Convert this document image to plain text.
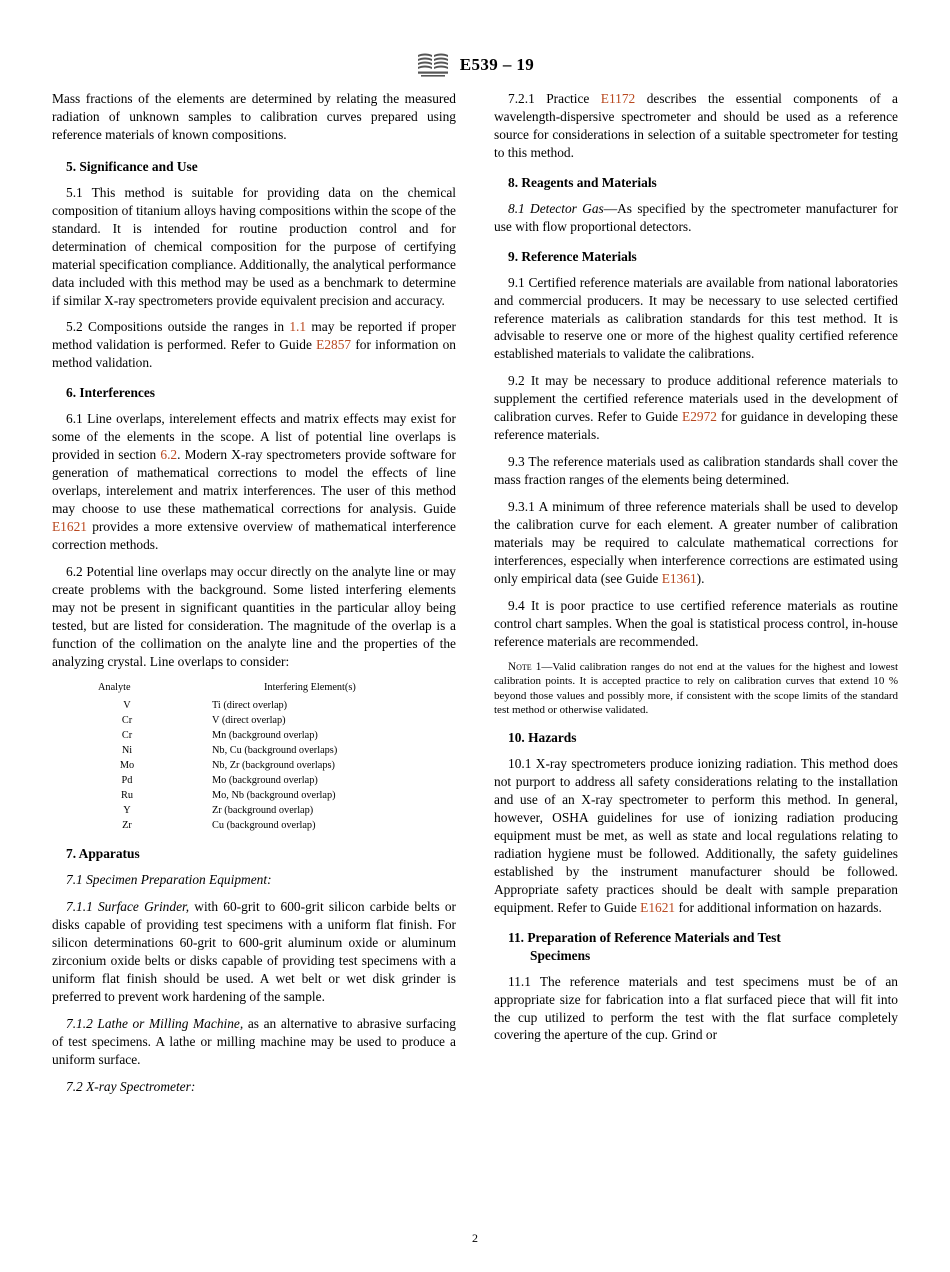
E539 – 19

Mass fractions of the elements are determined by relating the measured radiation of unknown samples to calibration curves prepared using reference materials of known compositions.

5. Significance and Use

5.1 This method is suitable for providing data on the chemical composition of titanium alloys having compositions within the scope of the standard. It is intended for routine production control and for determination of chemical composition for the purpose of certifying material specification compliance. Additionally, the analytical performance data included with this method may be used as a benchmark to determine if similar X-ray spectrometers provide equivalent precision and accuracy.

5.2 Compositions outside the ranges in 1.1 may be reported if proper method validation is performed. Refer to Guide E2857 for information on method validation.

6. Interferences

6.1 Line overlaps, interelement effects and matrix effects may exist for some of the elements in the scope. A list of potential line overlaps is provided in section 6.2. Modern X-ray spectrometers provide software for generation of mathematical corrections to model the effects of line overlaps, interelement and matrix interferences. The user of this method may choose to use these mathematical corrections for analysis. Guide E1621 provides a more extensive overview of mathematical interference correction methods.

6.2 Potential line overlaps may occur directly on the analyte line or may create problems with the background. Some listed interfering elements may not be present in significant quantities in the particular alloy being tested, but are listed for consideration. The magnitude of the overlap is a function of the collimation on the analyte line and the properties of the analyzing crystal. Line overlaps to consider:

Analyte	Interfering Element(s)
V	Ti (direct overlap)
Cr	V (direct overlap)
Cr	Mn (background overlap)
Ni	Nb, Cu (background overlaps)
Mo	Nb, Zr (background overlaps)
Pd	Mo (background overlap)
Ru	Mo, Nb (background overlap)
Y	Zr (background overlap)
Zr	Cu (background overlap)

7. Apparatus

7.1 Specimen Preparation Equipment:

7.1.1 Surface Grinder, with 60-grit to 600-grit silicon carbide belts or disks capable of providing test specimens with a uniform flat finish. For silicon determinations 60-grit to 600-grit aluminum oxide or aluminum zirconium oxide belts or disks capable of providing test specimens with a uniform flat finish should be used. A wet belt or wet disk grinder is preferred to prevent work hardening of the sample.

7.1.2 Lathe or Milling Machine, as an alternative to abrasive surfacing of test specimens. A lathe or milling machine may be used to produce a uniform surface.

7.2 X-ray Spectrometer:

7.2.1 Practice E1172 describes the essential components of a wavelength-dispersive spectrometer and should be used as a reference source for considerations in selection of a suitable spectrometer for testing to this method.

8. Reagents and Materials

8.1 Detector Gas—As specified by the spectrometer manufacturer for use with flow proportional detectors.

9. Reference Materials

9.1 Certified reference materials are available from national laboratories and commercial producers. It may be necessary to use selected certified reference materials as calibration standards for this test method. It is advisable to reserve one or more of the highest quality certified reference established materials to validate the calibrations.

9.2 It may be necessary to produce additional reference materials to supplement the certified reference materials used in the development of calibration curves. Refer to Guide E2972 for guidance in developing these reference materials.

9.3 The reference materials used as calibration standards shall cover the mass fraction ranges of the elements being determined.

9.3.1 A minimum of three reference materials shall be used to develop the calibration curve for each element. A greater number of calibration materials may be required to calculate mathematical corrections for interferences, especially when interference corrections are estimated using only empirical data (see Guide E1361).

9.4 It is poor practice to use certified reference materials as routine control chart samples. When the goal is statistical process control, in-house reference materials are recommended.

Note 1—Valid calibration ranges do not end at the values for the highest and lowest calibration points. It is accepted practice to rely on calibration curves that extend 10 % beyond those values and possibly more, if consistent with the scope limits of the standard test method or otherwise validated.

10. Hazards

10.1 X-ray spectrometers produce ionizing radiation. This method does not purport to address all safety considerations relating to the installation and use of an X-ray spectrometer to perform this method. In general, however, OSHA guidelines for use of ionizing radiation producing equipment must be met, as well as state and local regulations relating to radiation hygiene must be followed. Additionally, the safety guidelines established by the instrument manufacturer should be followed. Appropriate safety practices should be dealt with sample preparation equipment. Refer to Guide E1621 for additional information on hazards.

11. Preparation of Reference Materials and Test
Specimens

11.1 The reference materials and test specimens must be of an appropriate size for fabrication into a flat surfaced piece that will fit into the cup utilized to perform the test with the flat surface completely covering the aperture of the cup. Grind or

2
